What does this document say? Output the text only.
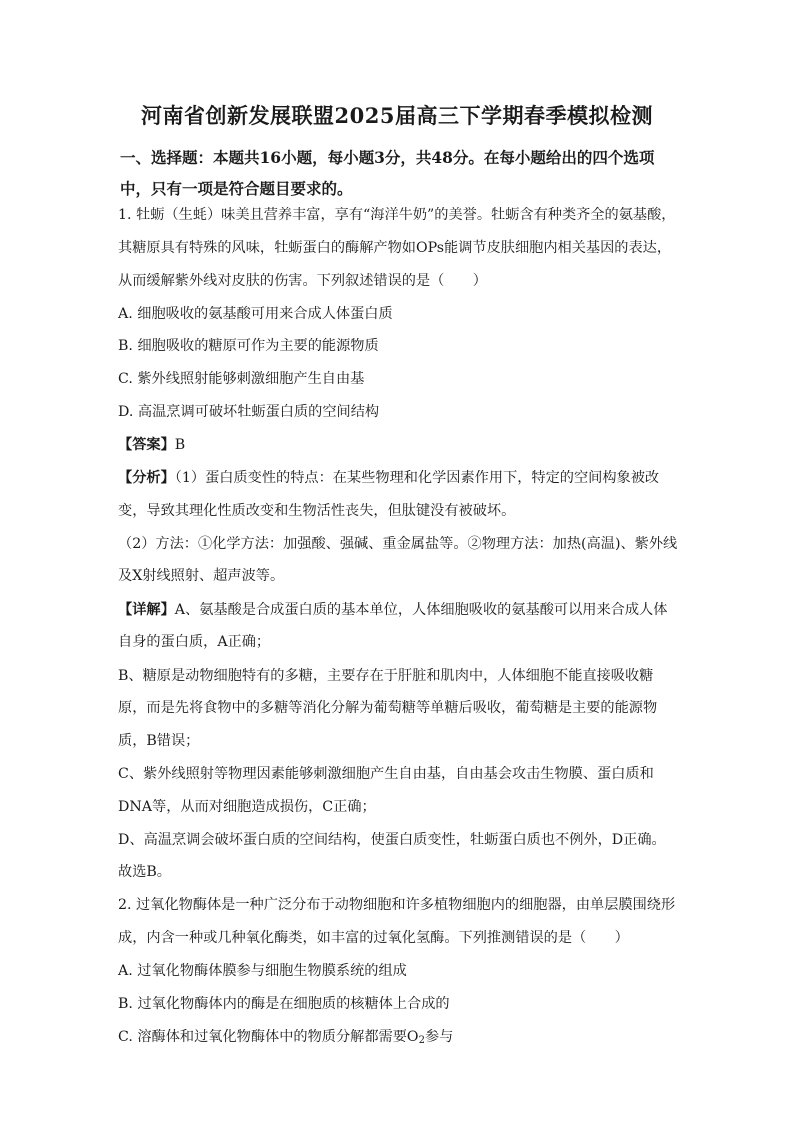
河南省创新发展联盟2025届高三下学期春季模拟检测
一、选择题：本题共16小题，每小题3分，共48分。在每小题给出的四个选项中，只有一项是符合题目要求的。
1. 牡蛎（生蚝）味美且营养丰富，享有“海洋牛奶”的美誉。牡蛎含有种类齐全的氨基酸，
其糖原具有特殊的风味，牡蛎蛋白的酶解产物如OPs能调节皮肤细胞内相关基因的表达，
从而缓解紫外线对皮肤的伤害。下列叙述错误的是（　　）
A. 细胞吸收的氨基酸可用来合成人体蛋白质
B. 细胞吸收的糖原可作为主要的能源物质
C. 紫外线照射能够刺激细胞产生自由基
D. 高温烹调可破坏牡蛎蛋白质的空间结构
【答案】B
【分析】（1）蛋白质变性的特点：在某些物理和化学因素作用下，特定的空间构象被改
变，导致其理化性质改变和生物活性丧失，但肽键没有被破坏。
（2）方法：①化学方法：加强酸、强碱、重金属盐等。②物理方法：加热(高温)、紫外线
及X射线照射、超声波等。
【详解】A、氨基酸是合成蛋白质的基本单位，人体细胞吸收的氨基酸可以用来合成人体
自身的蛋白质，A正确；
B、糖原是动物细胞特有的多糖，主要存在于肝脏和肌肉中，人体细胞不能直接吸收糖
原，而是先将食物中的多糖等消化分解为葡萄糖等单糖后吸收，葡萄糖是主要的能源物
质，B错误；
C、紫外线照射等物理因素能够刺激细胞产生自由基，自由基会攻击生物膜、蛋白质和
DNA等，从而对细胞造成损伤，C正确；
D、高温烹调会破坏蛋白质的空间结构，使蛋白质变性，牡蛎蛋白质也不例外，D正确。
故选B。
2. 过氧化物酶体是一种广泛分布于动物细胞和许多植物细胞内的细胞器，由单层膜围绕形
成，内含一种或几种氧化酶类，如丰富的过氧化氢酶。下列推测错误的是（　　）
A. 过氧化物酶体膜参与细胞生物膜系统的组成
B. 过氧化物酶体内的酶是在细胞质的核糖体上合成的
C. 溶酶体和过氧化物酶体中的物质分解都需要$O_2$参与
